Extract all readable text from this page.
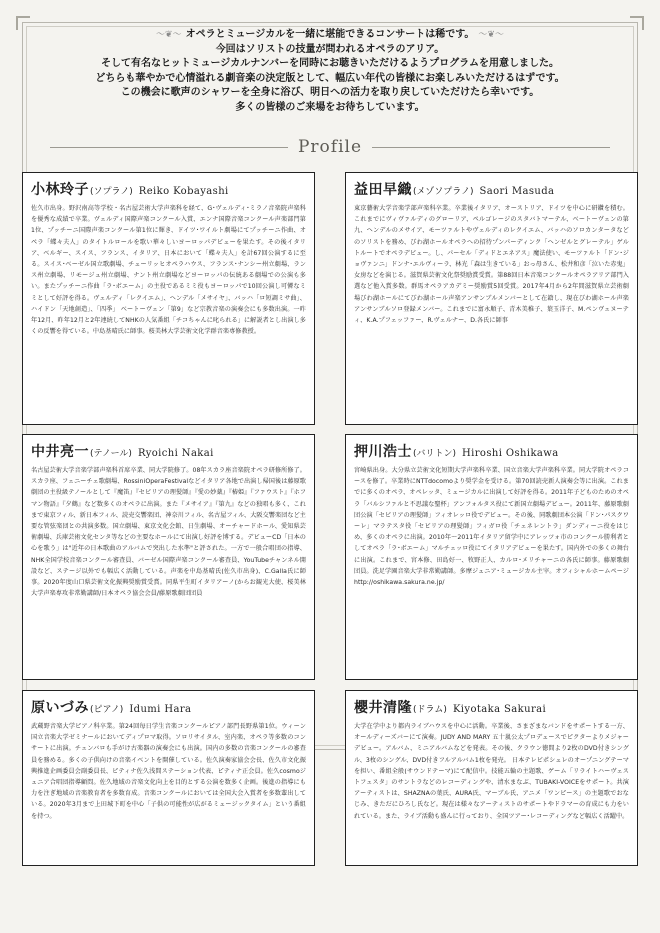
〜❦〜 オペラとミュージカルを一緒に堪能できるコンサートは稀です。 〜❦〜
今回はソリストの技量が問われるオペラのアリア。
そして有名なヒットミュージカルナンバーを同時にお聴きいただけるようプログラムを用意しました。
どちらも華やかで心情溢れる劇音楽の決定版として、幅広い年代の皆様にお楽しみいただけるはずです。
この機会に歌声のシャワーを全身に浴び、明日への活力を取り戻していただけたら幸いです。
多くの皆様のご来場をお待ちしています。
Profile
小林玲子 (ソプラノ) Reiko Kobayashi
佐久市出身。野沢南高等学校・名古屋芸術大学声楽科を経て、G･ヴェルディ･ミラノ音楽院声楽科を優秀な成績で卒業。ヴェルディ国際声楽コンクール入賞、エンナ国際音楽コンクール声楽部門第1位、プッチーニ国際声楽コンクール第1位に輝き、ドイツ･ワイルト劇場にてプッチーニ作曲、オペラ「蝶々夫人」のタイトルロールを歌い華々しいヨーロッパデビューを果たす。その後イタリア、ベルギー、スイス、フランス、イタリア、日本において「蝶々夫人」を計67回公演するに至る。スイス･ベーゼル国立歌劇場、チューリッヒオペラハウス、フランス･ナンシー州立劇場、ランス州立劇場、リモージュ州立劇場、ナント州立劇場などヨーロッパの伝統ある劇場での公演も多い。またプッチーニ作曲「ラ･ボエーム」の主役であるミミ役もヨーロッパで10回公演し可憐なミミとして好評を得る。ヴェルディ「レクイエム」、ヘンデル「メサイヤ」、バッハ「ロ短調ミサ曲」、ハイドン「天地創造」、「四季」 ベートーヴェン「第9」など宗教音楽の演奏会にも多数出演。一昨年12月、昨年12月と2年連続してNHKの人気番組「チコちゃんに叱られる」に解説者とし出演し多くの反響を得ている。中島基晴氏に師事。桜美林大学芸術文化学群音楽専修教授。
益田早織 (メゾソプラノ) Saori Masuda
東京藝術大学音楽学部声楽科卒業。卒業後イタリア、オーストリア、ドイツを中心に研鑽を積む。これまでにヴィヴァルディのグローリア、ペルゴレージのスタバトマーテル、ベートーヴェンの第九、ヘンデルのメサイア、モーツァルトやヴェルディのレクイエム、バッハのソロカンタータなどのソリストを務め、びわ湖ホールオペラへの招待プンパーディンク「ヘンゼルとグレーテル」ゲルトルートでオペラデビュー。し、パーセル「ディドとエネアス」魔法使い、モーツァルト「ドン･ジョヴァンニ」ドンナ･エルヴィーラ、林光「森は生きている」おっ母さん、松井和彦「泣いた赤鬼」女房などを演じる。滋賀県芸術文化祭奨励賞受賞。第88回日本音楽コンクールオペラアリア部門入選など他入賞多数。群馬オペラアカデミー奨励賞5回受賞。2017年4月から2年間滋賀県立芸術劇場びわ湖ホールにてびわ湖ホール声楽アンサンブルメンバーとして在籍し、現在びわ湖ホール声楽アンサンブルソロ登録メンバー。これまでに富永順子、青木美稚子、葉玉洋子、M.ペンヴェヌーティ、K.A.プフェッファー、R.ヴェルナー、D.各氏に師事
中井亮一 (テノール) Ryoichi Nakai
名古屋芸術大学音楽学部声楽科首席卒業、同大学院修了。08年スカラ座音楽院オペラ研修所修了。スカラ座、フェニーチェ歌劇場、RossiniOperaFestivalなどイタリア各地で出演し帰国後は藤原歌劇団の主役級テノールとして『魔笛』『セビリアの理髪師』『愛の妙薬』『椿姫』『ファウスト』『ホフマン物語』『夕鶴』など数多くのオペラに出演。また『メサイア』『第九』などの独唱も多く、これまで東京フィル、新日本フィル、読売交響楽団、神奈川フィル、名古屋フィル、大阪交響楽団など主要な管弦楽団との共演多数。国立劇場、東京文化会館、日生劇場、オーチャードホール、愛知県芸術劇場、兵庫芸術文化センタ等などの主要なホールにて出演し好評を博する。デビューCD「日本の心を歌う」は"近年の日本歌曲のアルバムで突出した水準"と評された。一方で一般合唱団の指導、NHK全国学校音楽コンクール審査員、バーゼル国際声楽コンクール審査員、YouTubeチャンネル開設など、ステージ以外でも幅広く活動している。声楽を中島基晴氏(佐久市出身)、C.Galla氏に師事。2020年度山口県芸術文化振興奨励賞受賞。同県平生町イタリアーノ(からお観光大使、桜美林大学声楽専攻非常勤講師/日本オペラ協会会員/藤原歌劇団団員
押川浩士 (バリトン) Hiroshi Oshikawa
宮崎県出身。大分県立芸術文化短期大学声楽科卒業、国立音楽大学声楽科卒業。同大学院オペラコースを修了。卒業時にNTTdocomoより奨学金を受ける。第70回読売新人演奏会等に出演。これまでに多くのオペラ、オペレッタ、ミュージカルに出演して好評を得る。2011年子どものためのオペラ「バルシファルと不思議な聖杯」アンフォルタス役にて新国立劇場デビュー。2011年、藤原歌劇団公演「セビリアの理髪師」フィオレッロ役でデビュー。その後、同歌劇団本公演「ドン･パスクワーレ」マラテスタ役「セビリアの理髪師」フィガロ役「チェネレントラ」ダンディーニ役をはじめ、多くのオペラに出演。2010年〜2011年イタリア留学中にアレッツォ市のコンクール勝利者としてオペラ「ラ･ボエーム」マルチェッロ役にてイタリアデビューを果たす。国内外での多くの舞台に出演。これまで、宮本修、田島好一、牧野正人、カルロ･メリチャーニの各氏に師事。藤原歌劇団員。洗足学園音楽大学非常勤講師。多摩ジュニア･ミュージカル主宰。オフィシャルホームページhttp://oshikawa.sakura.ne.jp/
原いづみ (ピアノ) Idumi Hara
武蔵野音楽大学ピアノ科卒業。第24回毎日学生音楽コンクールピアノ部門長野県第1位。ウィーン国立音楽大学ゼミナールにおいてディプロマ取得。ソロリサイタル、室内楽、オペラ等多数のコンサートに出演。チェンバロも手がけ古楽器の演奏会にも出演。国内の多数の音楽コンクールの審査員を務める。多くの子供向けの音楽イベントを開催している。佐久演奏家協会会長、佐久市文化振興推進企画委員会副委員長、ピティナ佐久浅間ステーション代表、ピティナ正会員。佐久cosmoジュニア合唱団指導顧問。佐久地域の音楽文化向上を目的とする公演を数多く企画。後進の指導にも力を注ぎ地域の音楽教育者を多数育成。音楽コンクールにおいては全国大会入賞者を多数輩出している。2020年3月まで上田城下町を中心「子供の可能性が広がるミュージックタイム」という番組を持つ。
櫻井清隆 (ドラム) Kiyotaka Sakurai
大学在学中より都内ライブハウスを中心に活動。卒業後、さまざまなバンドをサポートする一方、オールディーズバーにて演奏。JUDY AND MARY 五十嵐公太プロデュースでピクターよりメジャーデビュー。アルバム、ミニアルバムなどを発表。その後、クラウン徳間より2枚のDVD付きシングル、3枚のシングル、DVD付きフルアルバム1枚を発売。 日本テレビポシュレのオープニングテーマを担い、番組全般(サウンドテーマ)にて配信中。技能五輪の主題歌、ゲーム「リライトハーヴェストフェスタ」のサントラなどのレコーディングや、清水まなぶ、TUBAKI-VOICEをサポート。共演アーティストは、SHAZNAの葉氏、AURA氏、マーブル氏、アニメ「ワンピース」の主題歌でおなじみ、きただにひろし氏など。現在は様々なアーティストのサポートやドラマーの育成にも力をいれている。また、ライブ活動も盛んに行っており、全国ツアー･レコーディングなど幅広く活躍中。
